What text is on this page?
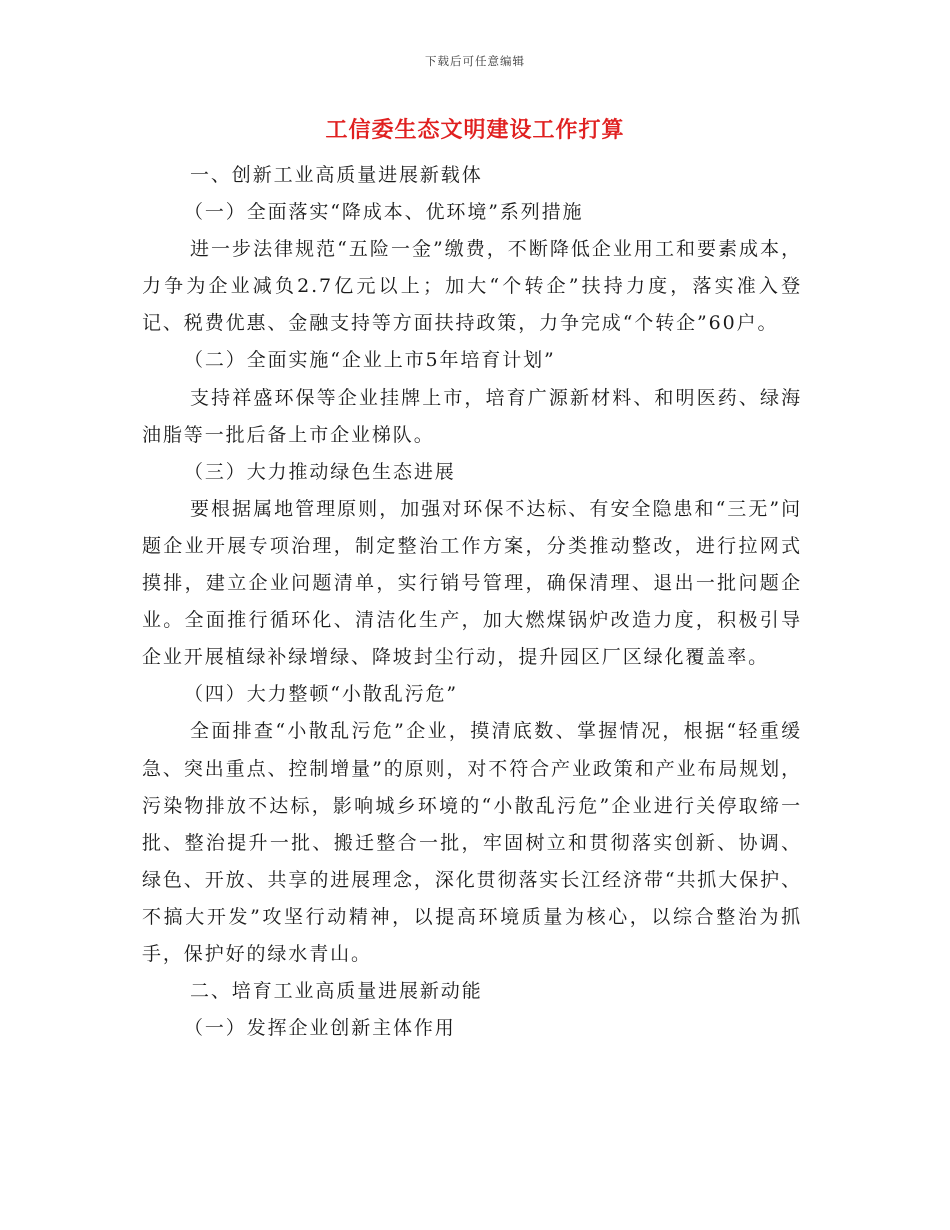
下载后可任意编辑
工信委生态文明建设工作打算

一、创新工业高质量进展新载体

（一）全面落实“降成本、优环境”系列措施

进一步法律规范“五险一金”缴费，不断降低企业用工和要素成本，力争为企业减负2.7亿元以上；加大“个转企”扶持力度，落实准入登记、税费优惠、金融支持等方面扶持政策，力争完成“个转企”60户。

（二）全面实施“企业上市5年培育计划”

支持祥盛环保等企业挂牌上市，培育广源新材料、和明医药、绿海油脂等一批后备上市企业梯队。

（三）大力推动绿色生态进展

要根据属地管理原则，加强对环保不达标、有安全隐患和“三无”问题企业开展专项治理，制定整治工作方案，分类推动整改，进行拉网式摸排，建立企业问题清单，实行销号管理，确保清理、退出一批问题企业。全面推行循环化、清洁化生产，加大燃煤锅炉改造力度，积极引导企业开展植绿补绿增绿、降坡封尘行动，提升园区厂区绿化覆盖率。

（四）大力整顿“小散乱污危”

全面排查“小散乱污危”企业，摸清底数、掌握情况，根据“轻重缓急、突出重点、控制增量”的原则，对不符合产业政策和产业布局规划，污染物排放不达标，影响城乡环境的“小散乱污危”企业进行关停取缔一批、整治提升一批、搬迁整合一批，牢固树立和贯彻落实创新、协调、绿色、开放、共享的进展理念，深化贯彻落实长江经济带“共抓大保护、不搞大开发”攻坚行动精神，以提高环境质量为核心，以综合整治为抓手，保护好的绿水青山。

二、培育工业高质量进展新动能

（一）发挥企业创新主体作用
